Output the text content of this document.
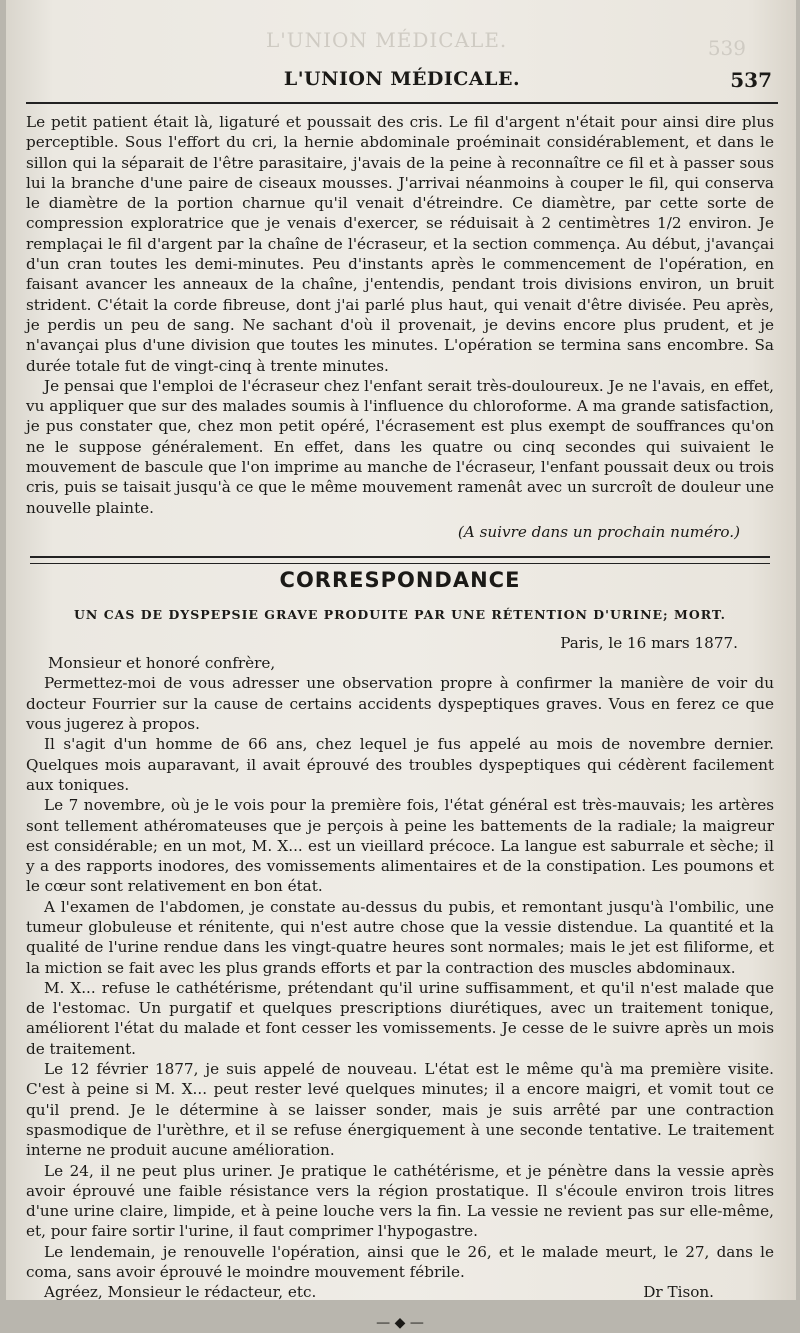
L'UNION MÉDICALE.	539
L'UNION MÉDICALE.	537

Le petit patient était là, ligaturé et poussait des cris. Le fil d'argent n'était pour ainsi dire plus perceptible. Sous l'effort du cri, la hernie abdominale proéminait considérablement, et dans le sillon qui la séparait de l'être parasitaire, j'avais de la peine à reconnaître ce fil et à passer sous lui la branche d'une paire de ciseaux mousses. J'arrivai néanmoins à couper le fil, qui conserva le diamètre de la portion charnue qu'il venait d'étreindre. Ce diamètre, par cette sorte de compression exploratrice que je venais d'exercer, se réduisait à 2 centimètres 1/2 environ. Je remplaçai le fil d'argent par la chaîne de l'écraseur, et la section commença. Au début, j'avançai d'un cran toutes les demi-minutes. Peu d'instants après le commencement de l'opération, en faisant avancer les anneaux de la chaîne, j'entendis, pendant trois divisions environ, un bruit strident. C'était la corde fibreuse, dont j'ai parlé plus haut, qui venait d'être divisée. Peu après, je perdis un peu de sang. Ne sachant d'où il provenait, je devins encore plus prudent, et je n'avançai plus d'une division que toutes les minutes. L'opération se termina sans encombre. Sa durée totale fut de vingt-cinq à trente minutes.

Je pensai que l'emploi de l'écraseur chez l'enfant serait très-douloureux. Je ne l'avais, en effet, vu appliquer que sur des malades soumis à l'influence du chloroforme. A ma grande satisfaction, je pus constater que, chez mon petit opéré, l'écrasement est plus exempt de souffrances qu'on ne le suppose généralement. En effet, dans les quatre ou cinq secondes qui suivaient le mouvement de bascule que l'on imprime au manche de l'écraseur, l'enfant poussait deux ou trois cris, puis se taisait jusqu'à ce que le même mouvement ramenât avec un surcroît de douleur une nouvelle plainte.

(A suivre dans un prochain numéro.)

CORRESPONDANCE
UN CAS DE DYSPEPSIE GRAVE PRODUITE PAR UNE RÉTENTION D'URINE; MORT.

Paris, le 16 mars 1877.

Monsieur et honoré confrère,

Permettez-moi de vous adresser une observation propre à confirmer la manière de voir du docteur Fourrier sur la cause de certains accidents dyspeptiques graves. Vous en ferez ce que vous jugerez à propos.

Il s'agit d'un homme de 66 ans, chez lequel je fus appelé au mois de novembre dernier. Quelques mois auparavant, il avait éprouvé des troubles dyspeptiques qui cédèrent facilement aux toniques.

Le 7 novembre, où je le vois pour la première fois, l'état général est très-mauvais; les artères sont tellement athéromateuses que je perçois à peine les battements de la radiale; la maigreur est considérable; en un mot, M. X... est un vieillard précoce. La langue est saburrale et sèche; il y a des rapports inodores, des vomissements alimentaires et de la constipation. Les poumons et le cœur sont relativement en bon état.

A l'examen de l'abdomen, je constate au-dessus du pubis, et remontant jusqu'à l'ombilic, une tumeur globuleuse et rénitente, qui n'est autre chose que la vessie distendue. La quantité et la qualité de l'urine rendue dans les vingt-quatre heures sont normales; mais le jet est filiforme, et la miction se fait avec les plus grands efforts et par la contraction des muscles abdominaux.

M. X... refuse le cathétérisme, prétendant qu'il urine suffisamment, et qu'il n'est malade que de l'estomac. Un purgatif et quelques prescriptions diurétiques, avec un traitement tonique, améliorent l'état du malade et font cesser les vomissements. Je cesse de le suivre après un mois de traitement.

Le 12 février 1877, je suis appelé de nouveau. L'état est le même qu'à ma première visite. C'est à peine si M. X... peut rester levé quelques minutes; il a encore maigri, et vomit tout ce qu'il prend. Je le détermine à se laisser sonder, mais je suis arrêté par une contraction spasmodique de l'urèthre, et il se refuse énergiquement à une seconde tentative. Le traitement interne ne produit aucune amélioration.

Le 24, il ne peut plus uriner. Je pratique le cathétérisme, et je pénètre dans la vessie après avoir éprouvé une faible résistance vers la région prostatique. Il s'écoule environ trois litres d'une urine claire, limpide, et à peine louche vers la fin. La vessie ne revient pas sur elle-même, et, pour faire sortir l'urine, il faut comprimer l'hypogastre.

Le lendemain, je renouvelle l'opération, ainsi que le 26, et le malade meurt, le 27, dans le coma, sans avoir éprouvé le moindre mouvement fébrile.

Agréez, Monsieur le rédacteur, etc.	Dr Tison.

— ◆ —
